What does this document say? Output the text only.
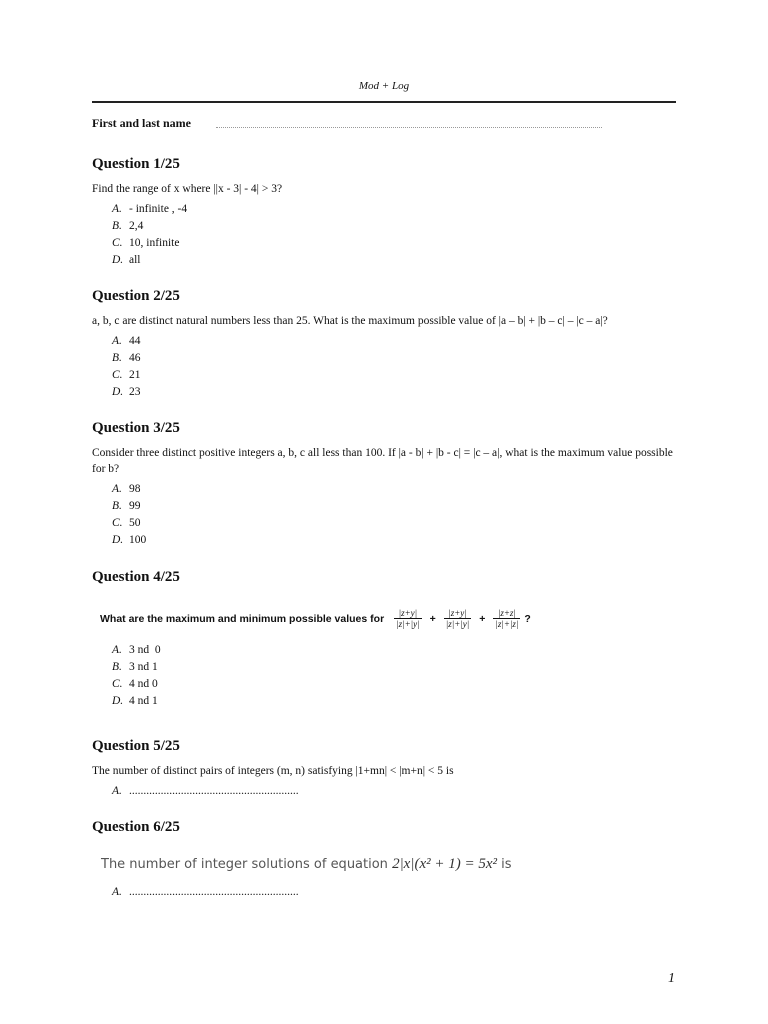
Mod + Log
First and last name

Question 1/25

Find the range of x where ||x - 3| - 4| > 3?

A. - infinite , -4
B. 2,4
C. 10, infinite
D. all

Question 2/25

a, b, c are distinct natural numbers less than 25. What is the maximum possible value of |a – b| + |b – c| – |c – a|?

A. 44
B. 46
C. 21
D. 23

Question 3/25

Consider three distinct positive integers a, b, c all less than 100. If |a - b| + |b - c| = |c – a|, what is the maximum value possible for b?

A. 98
B. 99
C. 50
D. 100

Question 4/25

What are the maximum and minimum possible values for $\frac{|z+y|}{|z|+|y|} + \frac{|z+y|}{|z|+|y|} + \frac{|z+z|}{|z|+|z|}$ ?
A. 3 nd  0
B. 3 nd 1
C. 4 nd 0
D. 4 nd 1

Question 5/25

The number of distinct pairs of integers (m, n) satisfying |1+mn| < |m+n| < 5 is

A. ...........................................................

Question 6/25

The number of integer solutions of equation 2|x|(x² + 1) = 5x² is
A. ...........................................................
1
